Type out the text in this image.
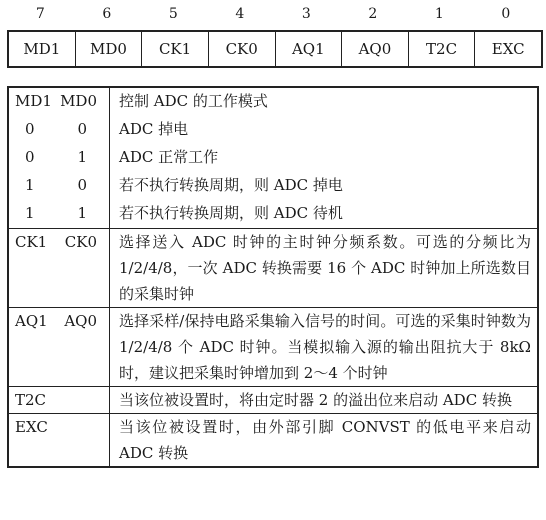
7	6	5	4	3	2	1	0
MD1	MD0	CK1	CK0	AQ1	AQ0	T2C	EXC
MD1 MD0	控制 ADC 的工作模式

0 0	ADC 掉电

0 1	ADC 正常工作

1 0	若不执行转换周期，则 ADC 掉电

1 1	若不执行转换周期，则 ADC 待机

CK1 CK0	选择送入 ADC 时钟的主时钟分频系数。可选的分频比为 1/2/4/8，一次 ADC 转换需要 16 个 ADC 时钟加上所选数目的采集时钟

AQ1 AQ0	选择采样/保持电路采集输入信号的时间。可选的采集时钟数为 1/2/4/8 个 ADC 时钟。当模拟输入源的输出阻抗大于 8kΩ 时，建议把采集时钟增加到 2～4 个时钟
T2C	当该位被设置时，将由定时器 2 的溢出位来启动 ADC 转换
EXC	当该位被设置时，由外部引脚 CONVST 的低电平来启动 ADC 转换
